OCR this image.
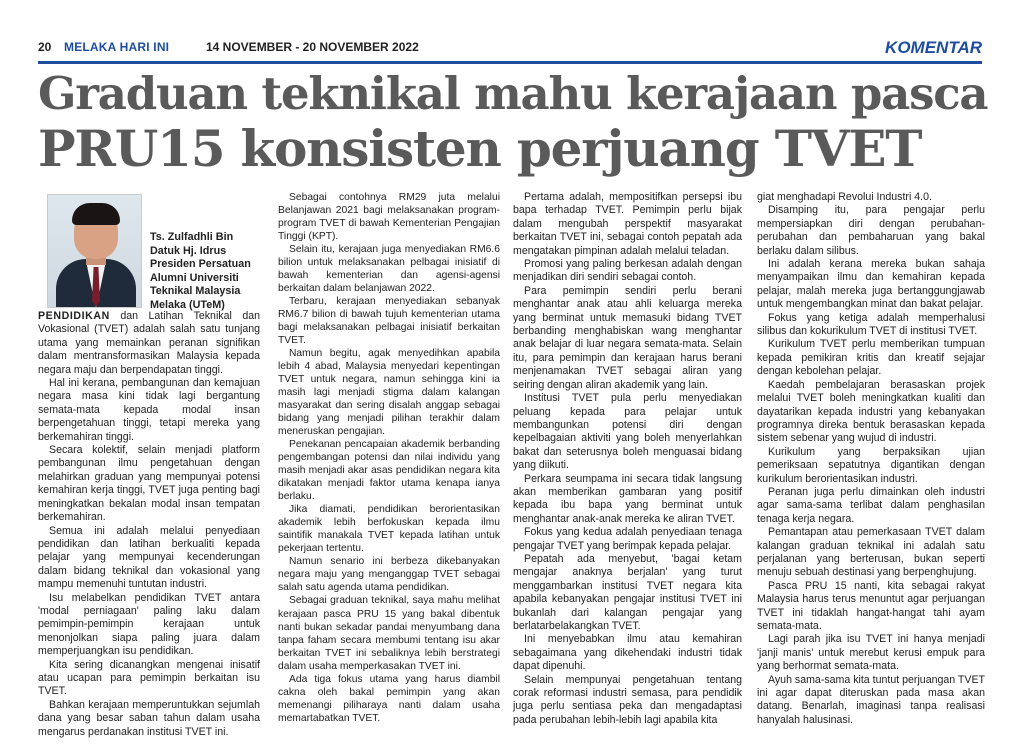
20 MELAKA HARI INI	14 NOVEMBER - 20 NOVEMBER 2022	KOMENTAR
Graduan teknikal mahu kerajaan pasca
PRU15 konsisten perjuang TVET
Ts. Zulfadhli Bin
Datuk Hj. Idrus
Presiden Persatuan
Alumni Universiti
Teknikal Malaysia
Melaka (UTeM)

PENDIDIKAN dan Latihan Teknikal dan Vokasional (TVET) adalah salah satu tunjang utama yang memainkan peranan signifikan dalam mentransformasikan Malaysia kepada negara maju dan berpendapatan tinggi.

Hal ini kerana, pembangunan dan kemajuan negara masa kini tidak lagi bergantung semata-mata kepada modal insan berpengetahuan tinggi, tetapi mereka yang berkemahiran tinggi.

Secara kolektif, selain menjadi platform pembangunan ilmu pengetahuan dengan melahirkan graduan yang mempunyai potensi kemahiran kerja tinggi, TVET juga penting bagi meningkatkan bekalan modal insan tempatan berkemahiran.

Semua ini adalah melalui penyediaan pendidikan dan latihan berkualiti kepada pelajar yang mempunyai kecenderungan dalam bidang teknikal dan vokasional yang mampu memenuhi tuntutan industri.

Isu melabelkan pendidikan TVET antara 'modal perniagaan' paling laku dalam pemimpin-pemimpin kerajaan untuk menonjolkan siapa paling juara dalam memperjuangkan isu pendidikan.

Kita sering dicanangkan mengenai inisatif atau ucapan para pemimpin berkaitan isu TVET.

Bahkan kerajaan memperuntukkan sejumlah dana yang besar saban tahun dalam usaha mengarus perdanakan institusi TVET ini.

Sebagai contohnya RM29 juta melalui Belanjawan 2021 bagi melaksanakan program-program TVET di bawah Kementerian Pengajian Tinggi (KPT).

Selain itu, kerajaan juga menyediakan RM6.6 bilion untuk melaksanakan pelbagai inisiatif di bawah kementerian dan agensi-agensi berkaitan dalam belanjawan 2022.

Terbaru, kerajaan menyediakan sebanyak RM6.7 bilion di bawah tujuh kementerian utama bagi melaksanakan pelbagai inisiatif berkaitan TVET.

Namun begitu, agak menyedihkan apabila lebih 4 abad, Malaysia menyedari kepentingan TVET untuk negara, namun sehingga kini ia masih lagi menjadi stigma dalam kalangan masyarakat dan sering disalah anggap sebagai bidang yang menjadi pilihan terakhir dalam meneruskan pengajian.

Penekanan pencapaian akademik berbanding pengembangan potensi dan nilai individu yang masih menjadi akar asas pendidikan negara kita dikatakan menjadi faktor utama kenapa ianya berlaku.

Jika diamati, pendidikan berorientasikan akademik lebih berfokuskan kepada ilmu saintifik manakala TVET kepada latihan untuk pekerjaan tertentu.

Namun senario ini berbeza dikebanyakan negara maju yang menganggap TVET sebagai salah satu agenda utama pendidikan.

Sebagai graduan teknikal, saya mahu melihat kerajaan pasca PRU 15 yang bakal dibentuk nanti bukan sekadar pandai menyumbang dana tanpa faham secara membumi tentang isu akar berkaitan TVET ini sebaliknya lebih berstrategi dalam usaha memperkasakan TVET ini.

Ada tiga fokus utama yang harus diambil cakna oleh bakal pemimpin yang akan memenangi piliharaya nanti dalam usaha memartabatkan TVET.

Pertama adalah, mempositifkan persepsi ibu bapa terhadap TVET. Pemimpin perlu bijak dalam mengubah perspektif masyarakat berkaitan TVET ini, sebagai contoh pepatah ada mengatakan pimpinan adalah melalui teladan.

Promosi yang paling berkesan adalah dengan menjadikan diri sendiri sebagai contoh.

Para pemimpin sendiri perlu berani menghantar anak atau ahli keluarga mereka yang berminat untuk memasuki bidang TVET berbanding menghabiskan wang menghantar anak belajar di luar negara semata-mata. Selain itu, para pemimpin dan kerajaan harus berani menjenamakan TVET sebagai aliran yang seiring dengan aliran akademik yang lain.

Institusi TVET pula perlu menyediakan peluang kepada para pelajar untuk membangunkan potensi diri dengan kepelbagaian aktiviti yang boleh menyerlahkan bakat dan seterusnya boleh menguasai bidang yang diikuti.

Perkara seumpama ini secara tidak langsung akan memberikan gambaran yang positif kepada ibu bapa yang berminat untuk menghantar anak-anak mereka ke aliran TVET.

Fokus yang kedua adalah penyediaan tenaga pengajar TVET yang berimpak kepada pelajar.

Pepatah ada menyebut, 'bagai ketam mengajar anaknya berjalan' yang turut menggambarkan institusi TVET negara kita apabila kebanyakan pengajar institusi TVET ini bukanlah dari kalangan pengajar yang berlatarbelakangkan TVET.

Ini menyebabkan ilmu atau kemahiran sebagaimana yang dikehendaki industri tidak dapat dipenuhi.

Selain mempunyai pengetahuan tentang corak reformasi industri semasa, para pendidik juga perlu sentiasa peka dan mengadaptasi pada perubahan lebih-lebih lagi apabila kita

giat menghadapi Revolui Industri 4.0.

Disamping itu, para pengajar perlu mempersiapkan diri dengan perubahan-perubahan dan pembaharuan yang bakal berlaku dalam silibus.

Ini adalah kerana mereka bukan sahaja menyampaikan ilmu dan kemahiran kepada pelajar, malah mereka juga bertanggungjawab untuk mengembangkan minat dan bakat pelajar.

Fokus yang ketiga adalah memperhalusi silibus dan kokurikulum TVET di institusi TVET.

Kurikulum TVET perlu memberikan tumpuan kepada pemikiran kritis dan kreatif sejajar dengan kebolehan pelajar.

Kaedah pembelajaran berasaskan projek melalui TVET boleh meningkatkan kualiti dan dayatarikan kepada industri yang kebanyakan programnya direka bentuk berasaskan kepada sistem sebenar yang wujud di industri.

Kurikulum yang berpaksikan ujian pemeriksaan sepatutnya digantikan dengan kurikulum berorientasikan industri.

Peranan juga perlu dimainkan oleh industri agar sama-sama terlibat dalam penghasilan tenaga kerja negara.

Pemantapan atau pemerkasaan TVET dalam kalangan graduan teknikal ini adalah satu perjalanan yang berterusan, bukan seperti menuju sebuah destinasi yang berpenghujung.

Pasca PRU 15 nanti, kita sebagai rakyat Malaysia harus terus menuntut agar perjuangan TVET ini tidaklah hangat-hangat tahi ayam semata-mata.

Lagi parah jika isu TVET ini hanya menjadi 'janji manis' untuk merebut kerusi empuk para yang berhormat semata-mata.

Ayuh sama-sama kita tuntut perjuangan TVET ini agar dapat diteruskan pada masa akan datang. Benarlah, imaginasi tanpa realisasi hanyalah halusinasi.
